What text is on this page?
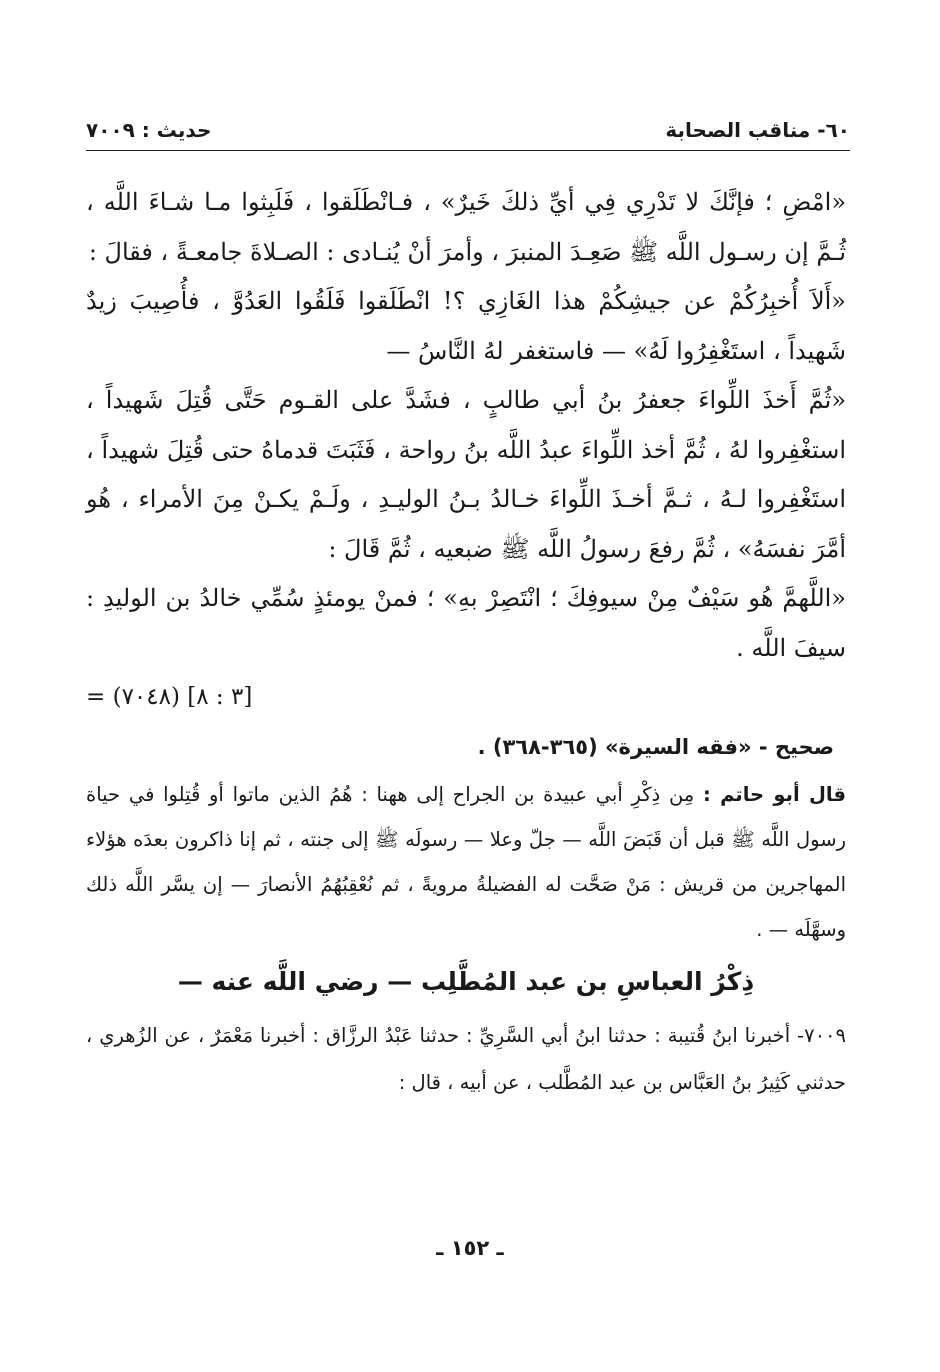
٦٠- مناقب الصحابة
حديث : ٧٠٠٩

«امْضِ ؛ فإنَّكَ لا تَدْرِي فِي أيِّ ذلكَ خَيرٌ» ، فـانْطَلَقوا ، فَلَبِثوا مـا شـاءَ اللَّه ، ثُـمَّ إن رسـول اللَّه ﷺ صَعِـدَ المنبرَ ، وأمرَ أنْ يُنـادى : الصـلاةَ جامعـةً ، فقالَ :

«أَلاَ أُخبِرُكُمْ عن جيشِكُمْ هذا الغَازِي ؟! انْطَلَقوا فَلَقُوا العَدُوَّ ، فأُصِيبَ زيدٌ شَهيداً ، استَغْفِرُوا لَهُ» — فاستغفر لهُ النَّاسُ —

«ثُمَّ أَخذَ اللِّواءَ جعفرُ بنُ أبي طالبٍ ، فشَدَّ على القـوم حَتَّى قُتِلَ شَهيداً ، استغْفِروا لهُ ، ثُمَّ أخذ اللِّواءَ عبدُ اللَّه بنُ رواحة ، فَثَبَتَ قدماهُ حتى قُتِلَ شهيداً ، استَغْفِروا لـهُ ، ثـمَّ أخـذَ اللِّواءَ خـالدُ بـنُ الوليـدِ ، ولَـمْ يكـنْ مِنَ الأمراء ، هُو أمَّرَ نفسَهُ» ، ثُمَّ رفعَ رسولُ اللَّه ﷺ ضبعيه ، ثُمَّ قَالَ :

«اللَّهمَّ هُو سَيْفٌ مِنْ سيوفِكَ ؛ انْتَصِرْ بهِ» ؛ فمنْ يومئذٍ سُمِّي خالدُ بن الوليدِ : سيفَ اللَّه .

= (٧٠٤٨) [٣ : ٨]

صحيح - «فقه السيرة» (٣٦٥-٣٦٨) .

قال أبو حاتم : مِن ذِكْرِ أبي عبيدة بن الجراح إلى ههنا : هُمُ الذين ماتوا أو قُتِلوا في حياة رسول اللَّه ﷺ قبل أن قَبَضَ اللَّه — جلّ وعلا — رسولَه ﷺ إلى جنته ، ثم إنا ذاكرون بعدَه هؤلاء المهاجرين من قريش : مَنْ صَحَّت له الفضيلةُ مرويةً ، ثم نُعْقِبُهُمُ الأنصارَ — إن يسَّر اللَّه ذلك وسهَّلَه — .

ذِكْرُ العباسِ بن عبد المُطَّلِب — رضي اللَّه عنه —

٧٠٠٩- أخبرنا ابنُ قُتيبة : حدثنا ابنُ أبي السَّرِيِّ : حدثنا عَبْدُ الرزَّاق : أخبرنا مَعْمَرٌ ، عن الزُهري ، حدثني كَثِيرُ بنُ العَبَّاس بن عبد المُطَّلب ، عن أبيه ، قال :

ـ ١٥٢ ـ
